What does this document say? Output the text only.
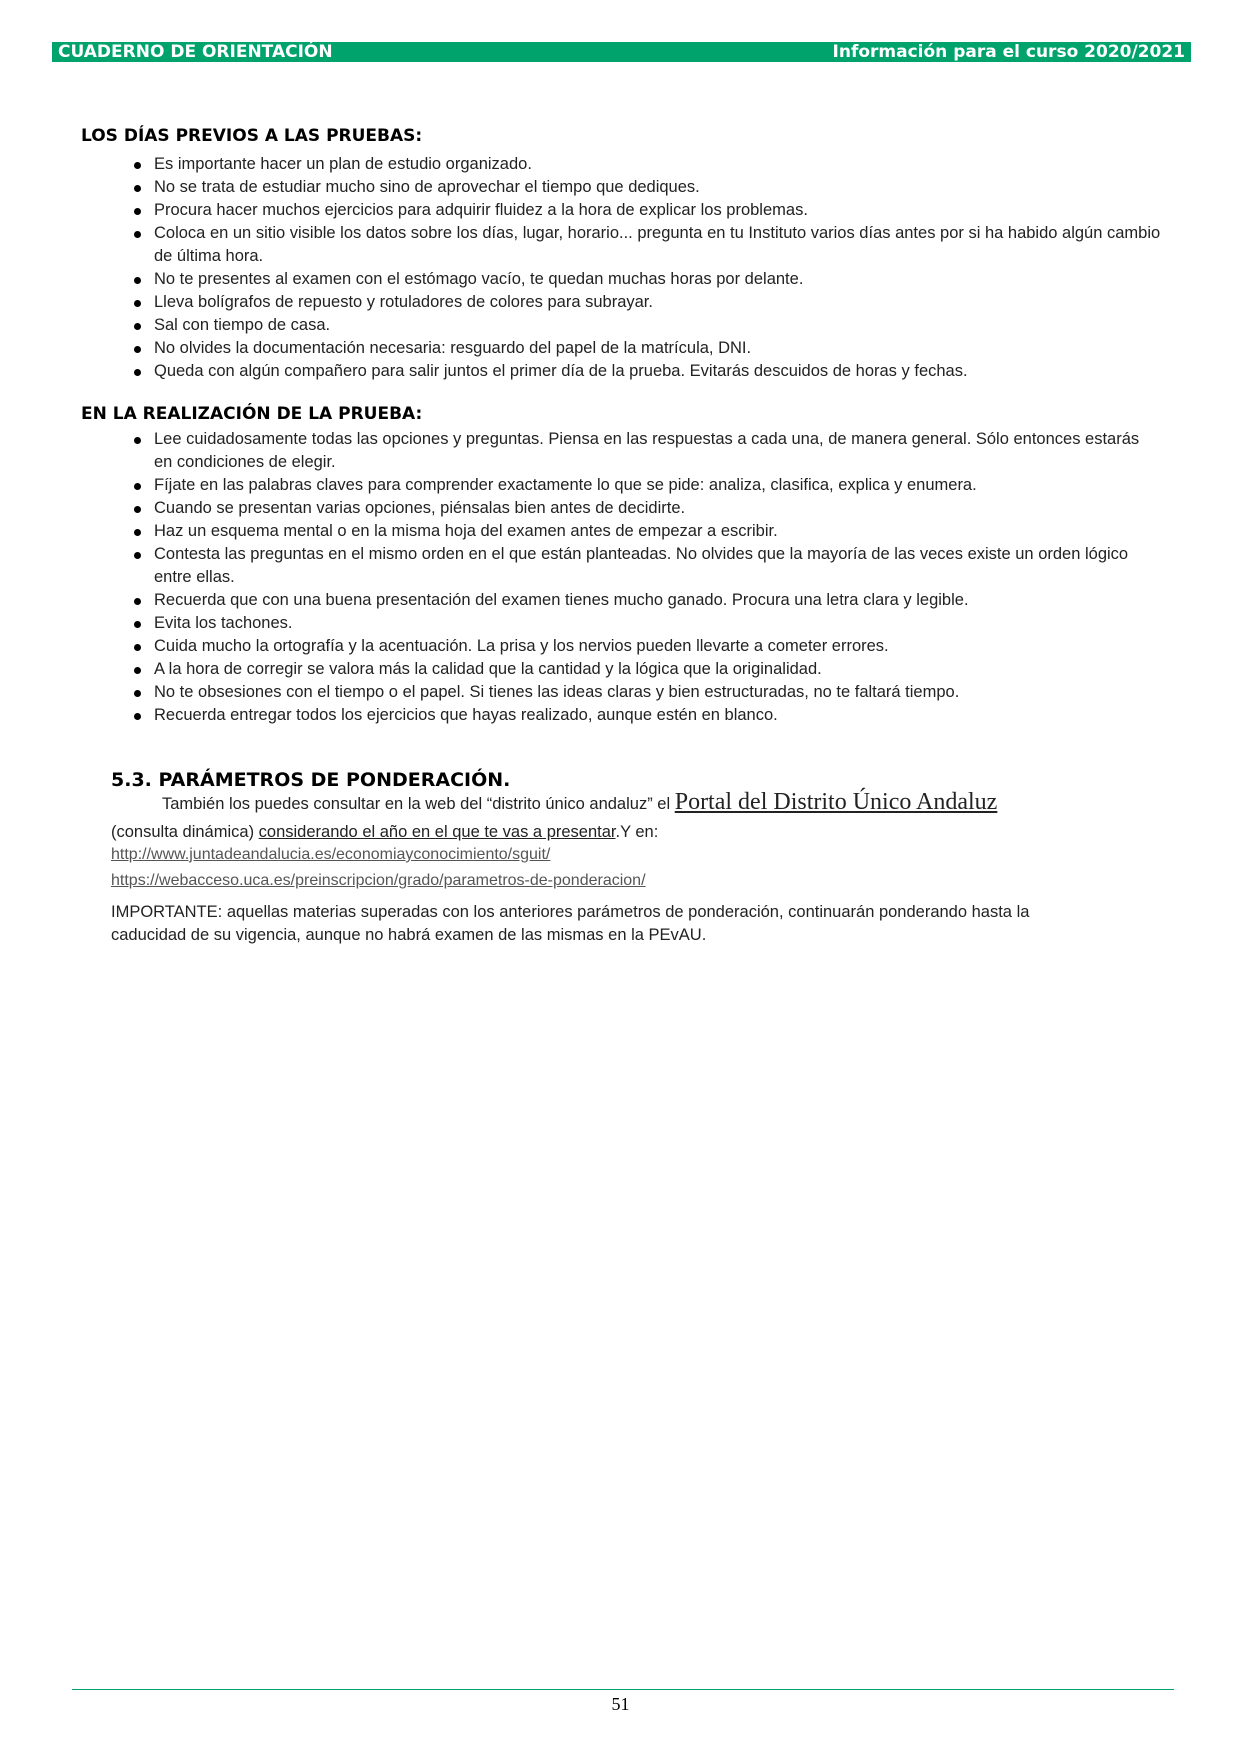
CUADERNO DE ORIENTACIÓN	Información para el curso 2020/2021
LOS DÍAS PREVIOS A LAS PRUEBAS:
Es importante hacer un plan de estudio organizado.
No se trata de estudiar mucho sino de aprovechar el tiempo que dediques.
Procura hacer muchos ejercicios para adquirir fluidez a la hora de explicar los problemas.
Coloca en un sitio visible los datos sobre los días, lugar, horario... pregunta en tu Instituto varios días antes por si ha habido algún cambio de última hora.
No te presentes al examen con el estómago vacío, te quedan muchas horas por delante.
Lleva bolígrafos de repuesto y rotuladores de colores para subrayar.
Sal con tiempo de casa.
No olvides la documentación necesaria: resguardo del papel de la matrícula, DNI.
Queda con algún compañero para salir juntos el primer día de la prueba. Evitarás descuidos de horas y fechas.
EN LA REALIZACIÓN DE LA PRUEBA:
Lee cuidadosamente todas las opciones y preguntas. Piensa en las respuestas a cada una, de manera general. Sólo entonces estarás en condiciones de elegir.
Fíjate en las palabras claves para comprender exactamente lo que se pide: analiza, clasifica, explica y enumera.
Cuando se presentan varias opciones, piénsalas bien antes de decidirte.
Haz un esquema mental o en la misma hoja del examen antes de empezar a escribir.
Contesta las preguntas en el mismo orden en el que están planteadas. No olvides que la mayoría de las veces existe un orden lógico entre ellas.
Recuerda que con una buena presentación del examen tienes mucho ganado. Procura una letra clara y legible.
Evita los tachones.
Cuida mucho la ortografía y la acentuación. La prisa y los nervios pueden llevarte a cometer errores.
A la hora de corregir se valora más la calidad que la cantidad y la lógica que la originalidad.
No te obsesiones con el tiempo o el papel. Si tienes las ideas claras y bien estructuradas, no te faltará tiempo.
Recuerda entregar todos los ejercicios que hayas realizado, aunque estén en blanco.
5.3. PARÁMETROS DE PONDERACIÓN.
También los puedes consultar en la web del “distrito único andaluz” el Portal del Distrito Único Andaluz
(consulta dinámica) considerando el año en el que te vas a presentar.Y en:
http://www.juntadeandalucia.es/economiayconocimiento/sguit/
https://webacceso.uca.es/preinscripcion/grado/parametros-de-ponderacion/
IMPORTANTE: aquellas materias superadas con los anteriores parámetros de ponderación, continuarán ponderando hasta la caducidad de su vigencia, aunque no habrá examen de las mismas en la PEvAU.
51
